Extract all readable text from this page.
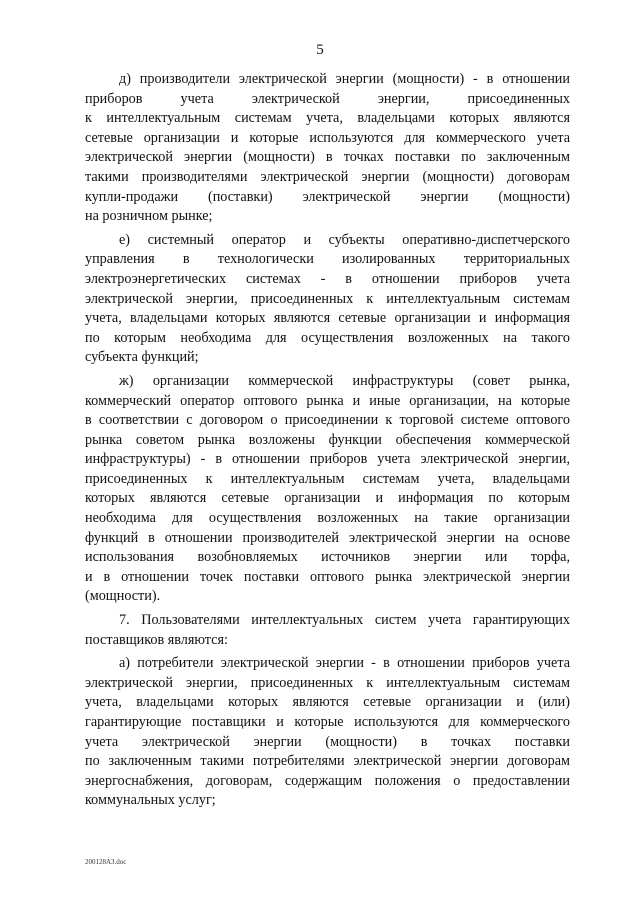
5

д) производители электрической энергии (мощности) - в отношении
приборов учета электрической энергии, присоединенных
к интеллектуальным системам учета, владельцами которых являются
сетевые организации и которые используются для коммерческого учета
электрической энергии (мощности) в точках поставки по заключенным
такими производителями электрической энергии (мощности) договорам
купли-продажи (поставки) электрической энергии (мощности)
на розничном рынке;

е) системный оператор и субъекты оперативно-диспетчерского
управления в технологически изолированных территориальных
электроэнергетических системах - в отношении приборов учета
электрической энергии, присоединенных к интеллектуальным системам
учета, владельцами которых являются сетевые организации и информация
по которым необходима для осуществления возложенных на такого
субъекта функций;

ж) организации коммерческой инфраструктуры (совет рынка,
коммерческий оператор оптового рынка и иные организации, на которые
в соответствии с договором о присоединении к торговой системе оптового
рынка советом рынка возложены функции обеспечения коммерческой
инфраструктуры) - в отношении приборов учета электрической энергии,
присоединенных к интеллектуальным системам учета, владельцами
которых являются сетевые организации и информация по которым
необходима для осуществления возложенных на такие организации
функций в отношении производителей электрической энергии на основе
использования возобновляемых источников энергии или торфа,
и в отношении точек поставки оптового рынка электрической энергии
(мощности).

7. Пользователями интеллектуальных систем учета гарантирующих
поставщиков являются:

а) потребители электрической энергии - в отношении приборов учета
электрической энергии, присоединенных к интеллектуальным системам
учета, владельцами которых являются сетевые организации и (или)
гарантирующие поставщики и которые используются для коммерческого
учета электрической энергии (мощности) в точках поставки
по заключенным такими потребителями электрической энергии договорам
энергоснабжения, договорам, содержащим положения о предоставлении
коммунальных услуг;

200128A3.doc
